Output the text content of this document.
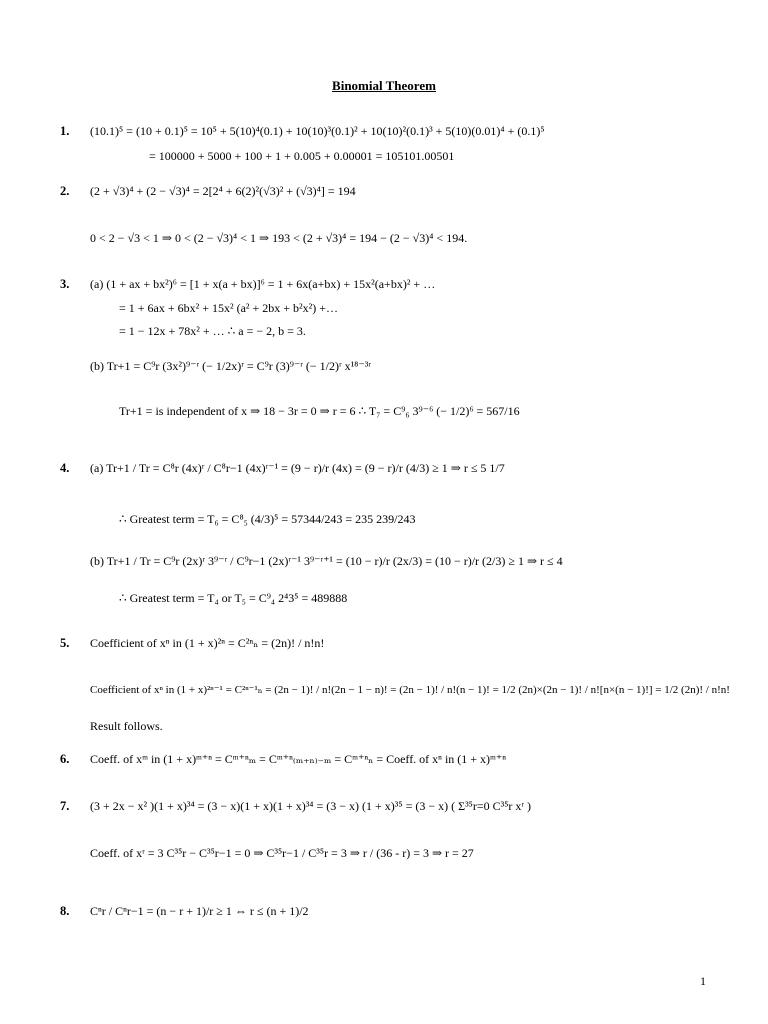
Binomial Theorem
1. (10.1)⁵ = (10 + 0.1)⁵ = 10⁵ + 5(10)⁴(0.1) + 10(10)³(0.1)² + 10(10)²(0.1)³ + 5(10)(0.01)⁴ + (0.1)⁵
= 100000 + 5000 + 100 + 1 + 0.005 + 0.00001 = 105101.00501
2. (2 + √3)⁴ + (2 − √3)⁴ = 2[2⁴ + 6(2)²(√3)² + (√3)⁴] = 194
0 < 2 − √3 < 1 ⇒ 0 < (2 − √3)⁴ < 1 ⇒ 193 < (2 + √3)⁴ = 194 − (2 − √3)⁴ < 194.
3. (a) (1 + ax + bx²)⁶ = [1 + x(a + bx)]⁶ = 1 + 6x(a+bx) + 15x²(a+bx)² + …
= 1 + 6ax + 6bx² + 15x² (a² + 2bx + b²x²) +…
= 1 − 12x + 78x² + … ∴ a = − 2, b = 3.
(b) Tr+1 = C⁹r (3x²)⁹⁻ʳ (− 1/2x)ʳ = C⁹r (3)⁹⁻ʳ (− 1/2)ʳ x¹⁸⁻³ʳ
Tr+1 = is independent of x ⇒ 18 − 3r = 0 ⇒ r = 6 ∴ T₇ = C⁹₆ 3⁹⁻⁶ (− 1/2)⁶ = 567/16
4. (a) Tr+1 / Tr = C⁸r (4x)ʳ / C⁸r−1 (4x)ʳ⁻¹ = (9 − r)/r (4x) = (9 − r)/r (4/3) ≥ 1 ⇒ r ≤ 5 1/7
∴ Greatest term = T₆ = C⁸₅ (4/3)⁵ = 57344/243 = 235 239/243
(b) Tr+1 / Tr = C⁹r (2x)ʳ 3⁹⁻ʳ / C⁹r−1 (2x)ʳ⁻¹ 3⁹⁻ʳ⁺¹ = (10 − r)/r (2x/3) = (10 − r)/r (2/3) ≥ 1 ⇒ r ≤ 4
∴ Greatest term = T₄ or T₅ = C⁹₄ 2⁴3⁵ = 489888
5. Coefficient of xⁿ in (1 + x)²ⁿ = C²ⁿₙ = (2n)! / n!n!
Coefficient of xⁿ in (1 + x)²ⁿ⁻¹ = C²ⁿ⁻¹ₙ = (2n − 1)! / n!(2n − 1 − n)! = (2n − 1)! / n!(n − 1)! = 1/2 (2n)×(2n − 1)! / n![n×(n − 1)!] = 1/2 (2n)! / n!n!
Result follows.
6. Coeff. of xᵐ in (1 + x)ᵐ⁺ⁿ = Cᵐ⁺ⁿₘ = Cᵐ⁺ⁿ₍ₘ₊ₙ₎₋ₘ = Cᵐ⁺ⁿₙ = Coeff. of xⁿ in (1 + x)ᵐ⁺ⁿ
7. (3 + 2x − x² )(1 + x)³⁴ = (3 − x)(1 + x)(1 + x)³⁴ = (3 − x) (1 + x)³⁵ = (3 − x) ( Σ³⁵r=0 C³⁵r xʳ )
Coeff. of xʳ = 3 C³⁵r − C³⁵r−1 = 0 ⇒ C³⁵r−1 / C³⁵r = 3 ⇒ r / (36 - r) = 3 ⇒ r = 27
8. Cⁿr / Cⁿr−1 = (n − r + 1)/r ≥ 1 ⇔ r ≤ (n + 1)/2
1
